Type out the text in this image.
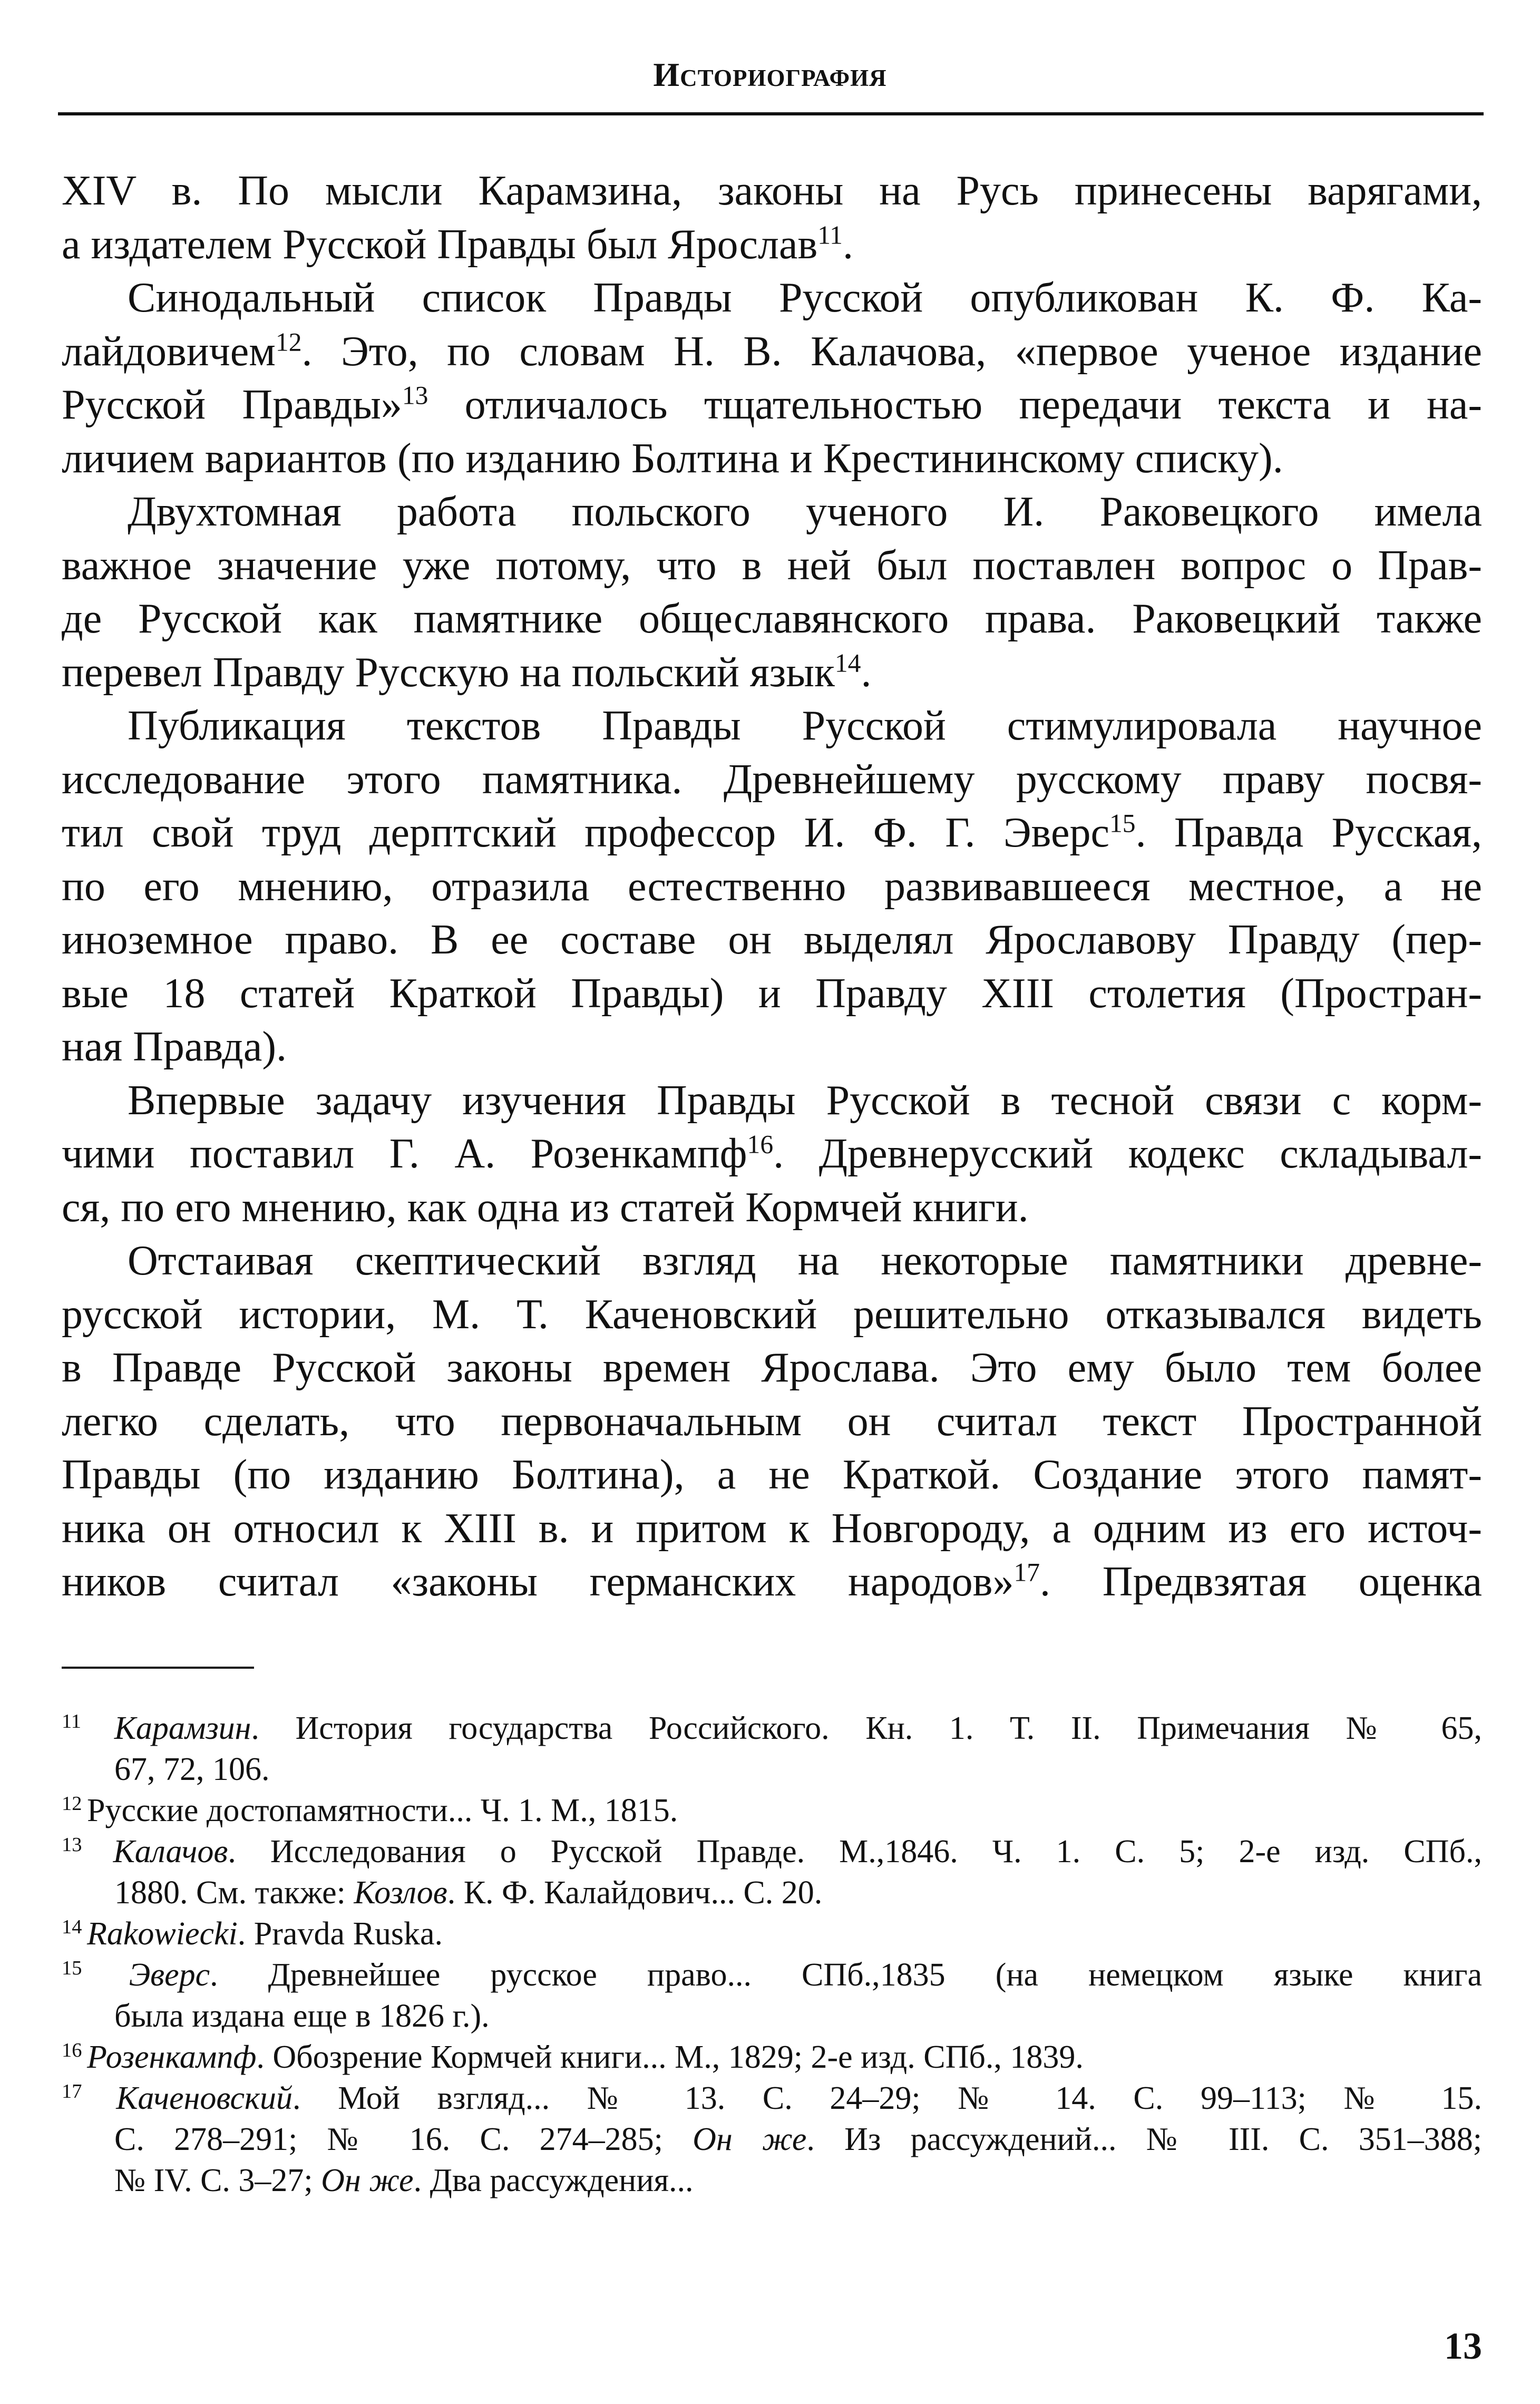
Историография
XIV в. По мысли Карамзина, законы на Русь принесены варягами,
а издателем Русской Правды был Ярослав$^{11}$.
Синодальный список Правды Русской опубликован К. Ф. Ка-
лайдовичем$^{12}$. Это, по словам Н. В. Калачова, «первое ученое издание
Русской Правды»$^{13}$ отличалось тщательностью передачи текста и на-
личием вариантов (по изданию Болтина и Крестининскому списку).
Двухтомная работа польского ученого И. Раковецкого имела
важное значение уже потому, что в ней был поставлен вопрос о Прав-
де Русской как памятнике общеславянского права. Раковецкий также
перевел Правду Русскую на польский язык$^{14}$.
Публикация текстов Правды Русской стимулировала научное
исследование этого памятника. Древнейшему русскому праву посвя-
тил свой труд дерптский профессор И. Ф. Г. Эверс$^{15}$. Правда Русская,
по его мнению, отразила естественно развивавшееся местное, а не
иноземное право. В ее составе он выделял Ярославову Правду (пер-
вые 18 статей Краткой Правды) и Правду XIII столетия (Простран-
ная Правда).
Впервые задачу изучения Правды Русской в тесной связи с корм-
чими поставил Г. А. Розенкампф$^{16}$. Древнерусский кодекс складывал-
ся, по его мнению, как одна из статей Кормчей книги.
Отстаивая скептический взгляд на некоторые памятники древне-
русской истории, М. Т. Каченовский решительно отказывался видеть
в Правде Русской законы времен Ярослава. Это ему было тем более
легко сделать, что первоначальным он считал текст Пространной
Правды (по изданию Болтина), а не Краткой. Создание этого памят-
ника он относил к XIII в. и притом к Новгороду, а одним из его источ-
ников считал «законы германских народов»$^{17}$. Предвзятая оценка
$^{11}$ Карамзин. История государства Российского. Кн. 1. Т. II. Примечания № 65,
67, 72, 106.
$^{12}$ Русские достопамятности... Ч. 1. М., 1815.
$^{13}$ Калачов. Исследования о Русской Правде. М.,1846. Ч. 1. С. 5; 2-е изд. СПб.,
1880. См. также: Козлов. К. Ф. Калайдович... С. 20.
$^{14}$ Rakowiecki. Pravda Ruska.
$^{15}$ Эверс. Древнейшее русское право... СПб.,1835 (на немецком языке книга
была издана еще в 1826 г.).
$^{16}$ Розенкампф. Обозрение Кормчей книги... М., 1829; 2-е изд. СПб., 1839.
$^{17}$ Каченовский. Мой взгляд... № 13. С. 24–29; № 14. С. 99–113; № 15.
С. 278–291; № 16. С. 274–285; Он же. Из рассуждений... № III. С. 351–388;
№ IV. С. 3–27; Он же. Два рассуждения...
13
